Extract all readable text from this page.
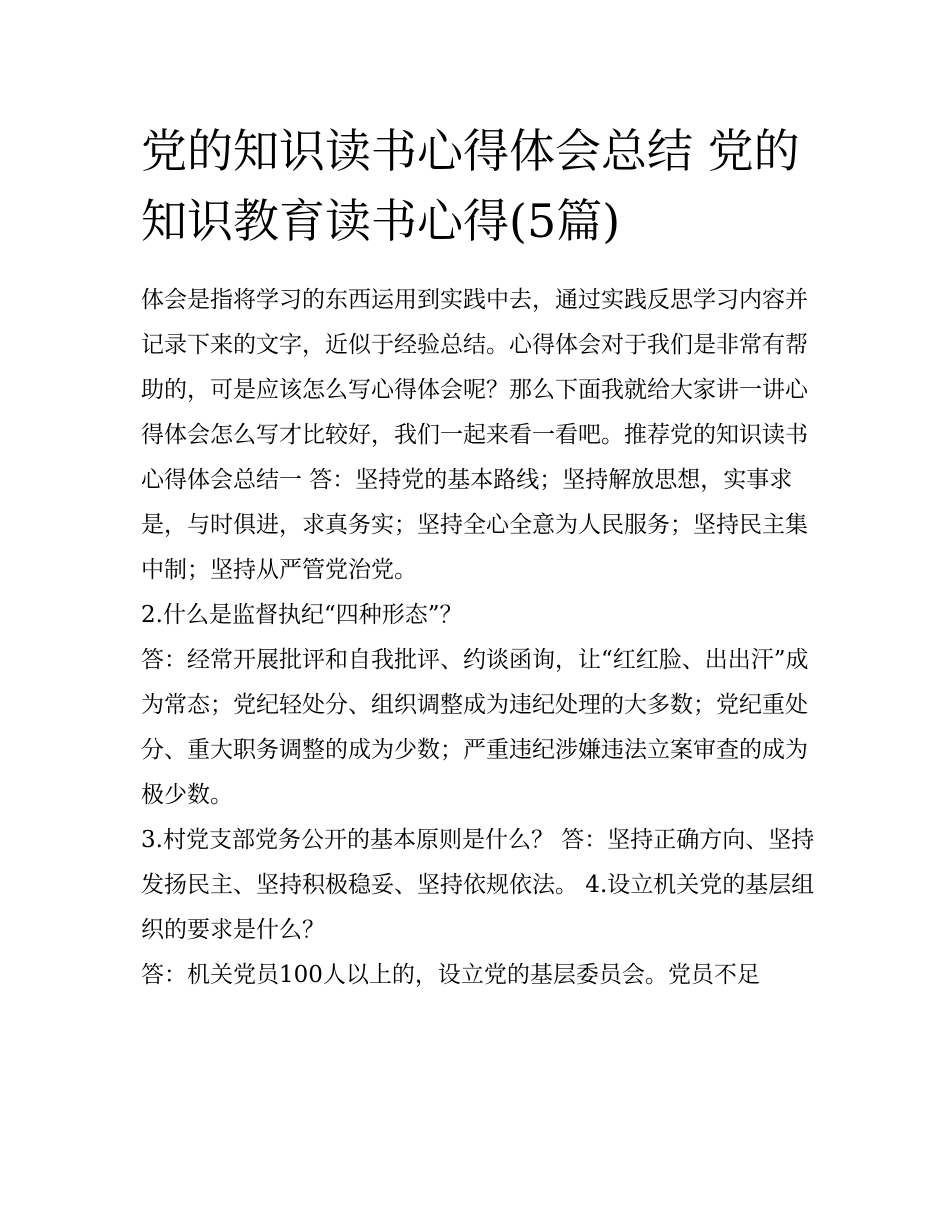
党的知识读书心得体会总结 党的知识教育读书心得(5篇)

体会是指将学习的东西运用到实践中去，通过实践反思学习内容并记录下来的文字，近似于经验总结。心得体会对于我们是非常有帮助的，可是应该怎么写心得体会呢？那么下面我就给大家讲一讲心得体会怎么写才比较好，我们一起来看一看吧。推荐党的知识读书心得体会总结一 答：坚持党的基本路线；坚持解放思想，实事求是，与时俱进，求真务实；坚持全心全意为人民服务；坚持民主集中制；坚持从严管党治党。

2.什么是监督执纪“四种形态”？

答：经常开展批评和自我批评、约谈函询，让“红红脸、出出汗”成为常态；党纪轻处分、组织调整成为违纪处理的大多数；党纪重处分、重大职务调整的成为少数；严重违纪涉嫌违法立案审查的成为极少数。

3.村党支部党务公开的基本原则是什么？ 答：坚持正确方向、坚持发扬民主、坚持积极稳妥、坚持依规依法。 4.设立机关党的基层组织的要求是什么？

答：机关党员100人以上的，设立党的基层委员会。党员不足
